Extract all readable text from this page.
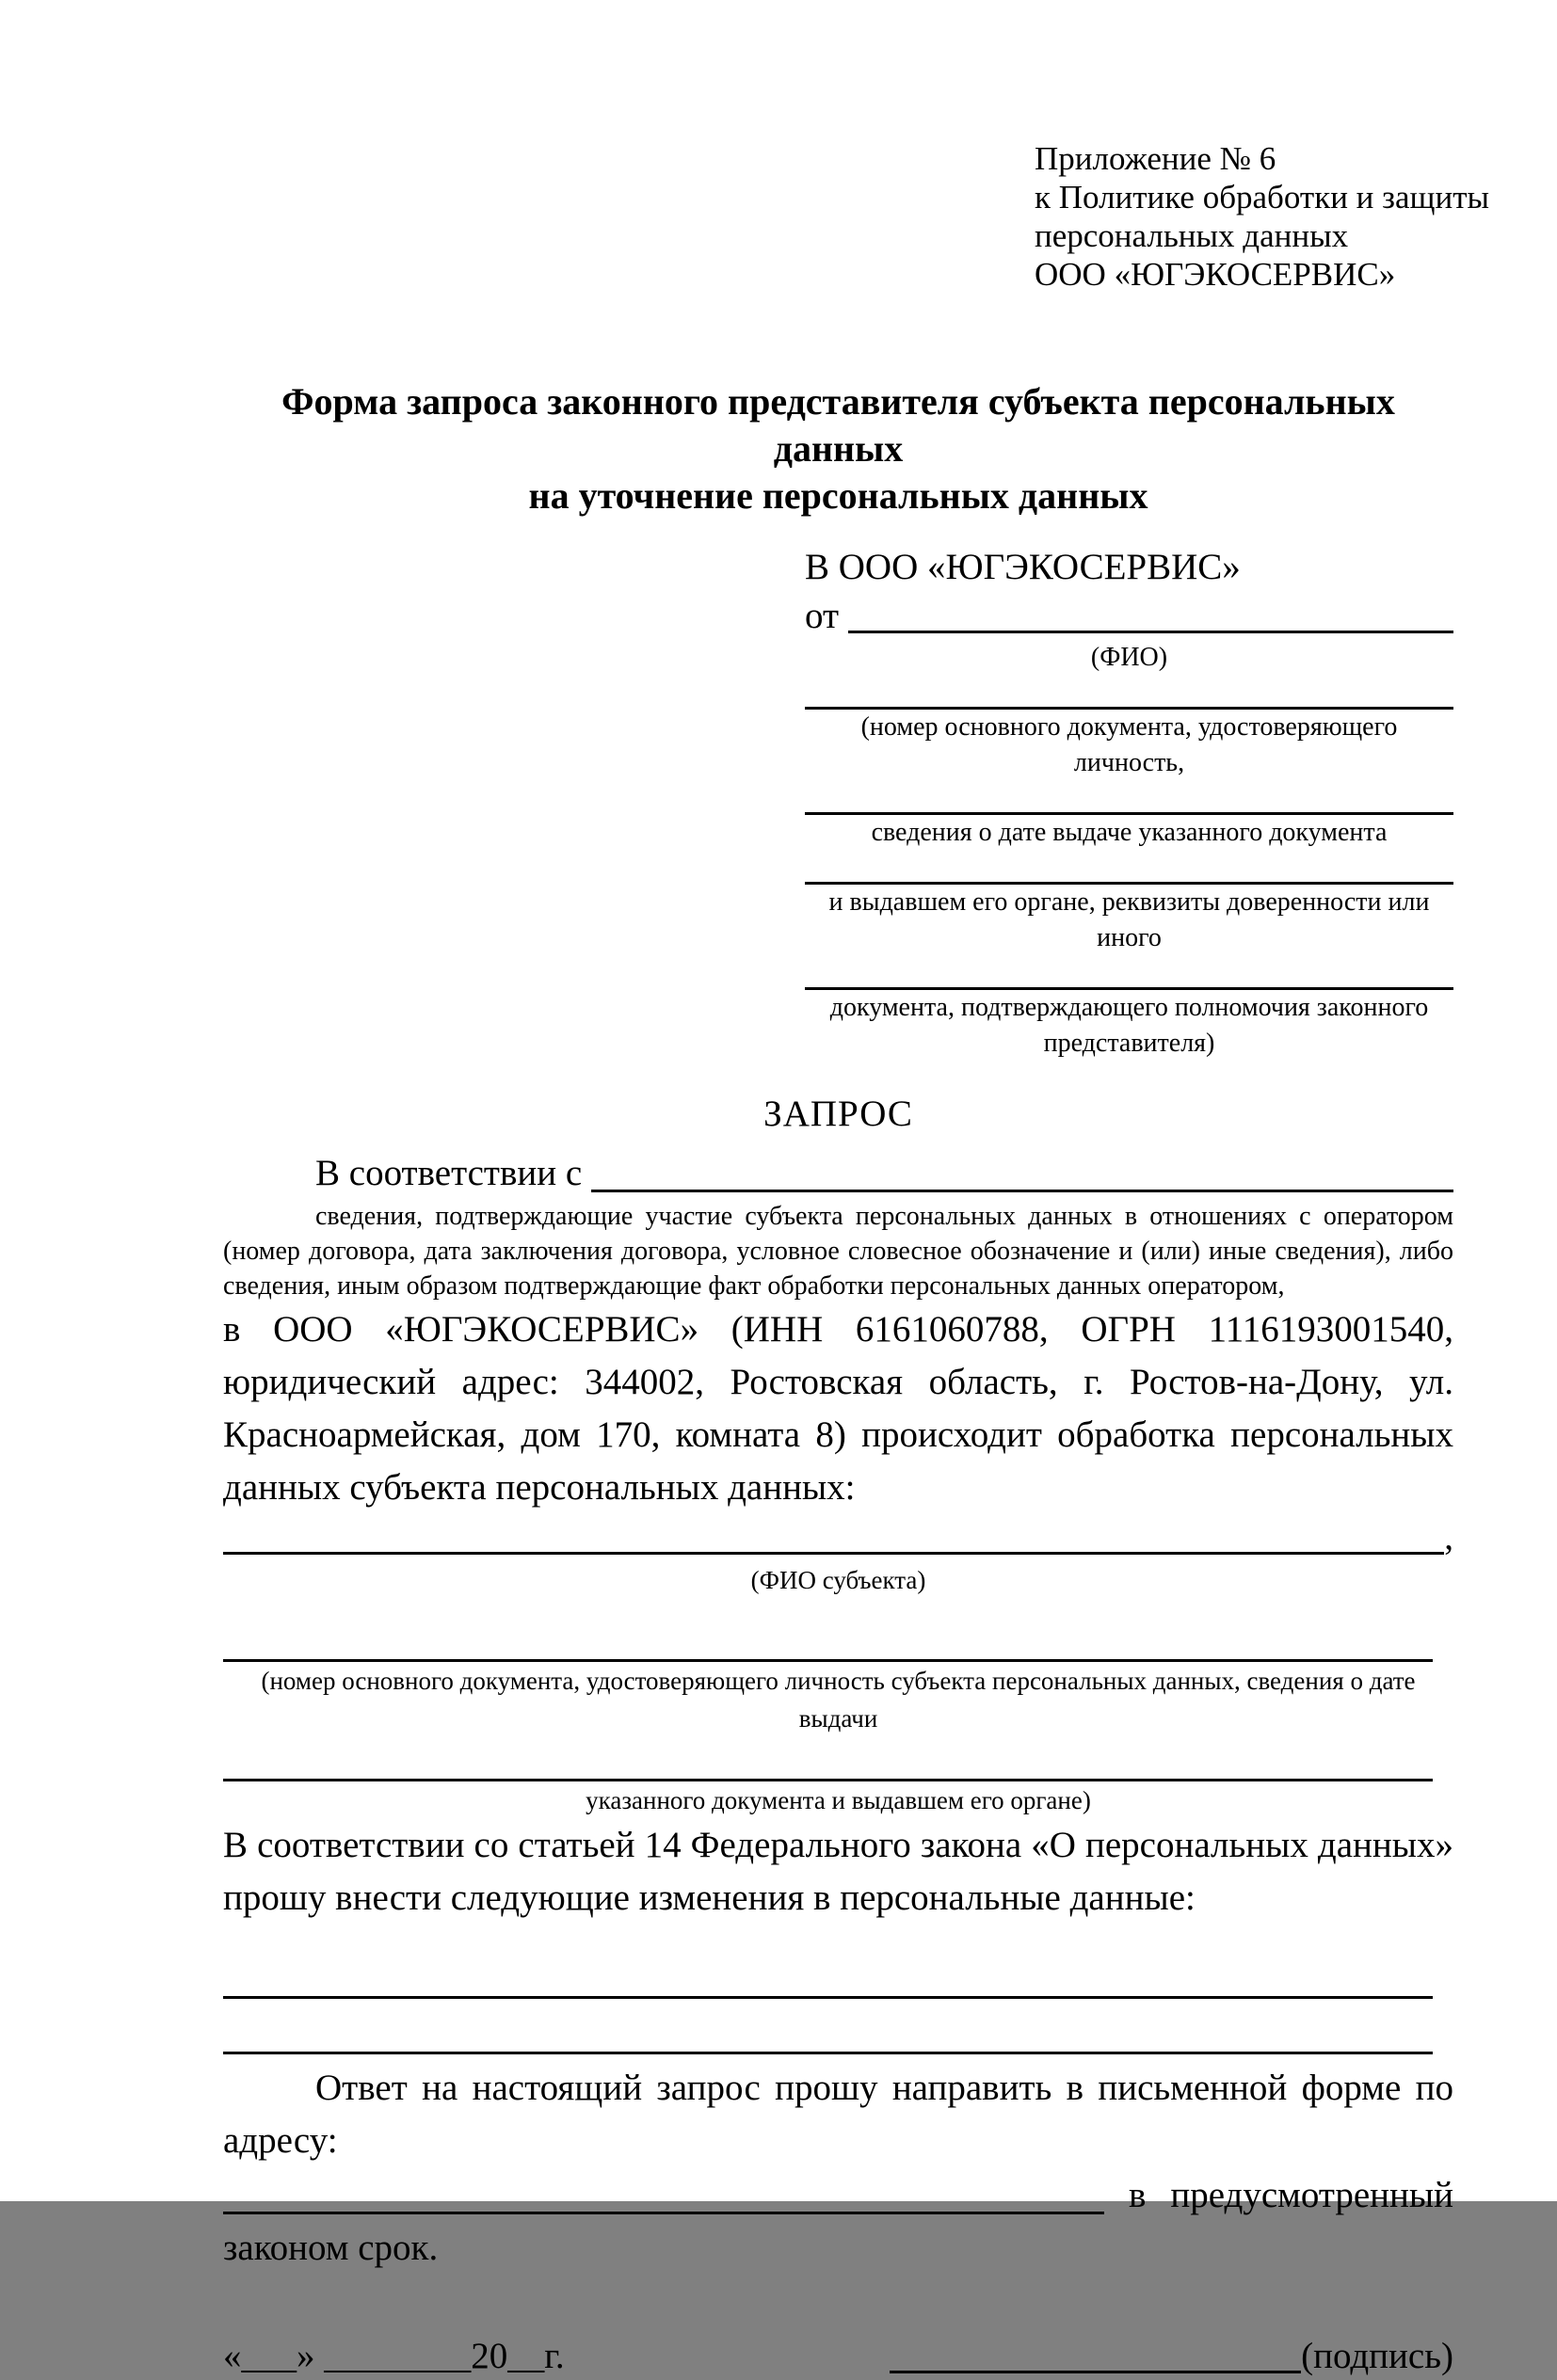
Приложение № 6
к Политике обработки и защиты
персональных данных
ООО «ЮГЭКОСЕРВИС»
Форма запроса законного представителя субъекта персональных данных
на уточнение персональных данных
В ООО «ЮГЭКОСЕРВИС»
от
(ФИО)
(номер основного документа, удостоверяющего личность,
сведения о дате выдаче указанного документа
и выдавшем его органе, реквизиты доверенности или иного
документа, подтверждающего полномочия законного представителя)
ЗАПРОС
В соответствии с
сведения, подтверждающие участие субъекта персональных данных в отношениях с оператором (номер договора, дата заключения договора, условное словесное обозначение и (или) иные сведения), либо сведения, иным образом подтверждающие факт обработки персональных данных оператором,
в ООО «ЮГЭКОСЕРВИС» (ИНН 6161060788, ОГРН 1116193001540, юридический адрес: 344002, Ростовская область, г. Ростов-на-Дону, ул. Красноармейская, дом 170, комната 8) происходит обработка персональных данных субъекта персональных данных:
,
(ФИО субъекта)
(номер основного документа, удостоверяющего личность субъекта персональных данных, сведения о дате выдачи
указанного документа и выдавшем его органе)
В соответствии со статьей 14 Федерального закона «О персональных данных» прошу внести следующие изменения в персональные данные:
Ответ на настоящий запрос прошу направить в письменной форме по адресу:
в предусмотренный
законом срок.
«___» ________20__г.	(подпись)
